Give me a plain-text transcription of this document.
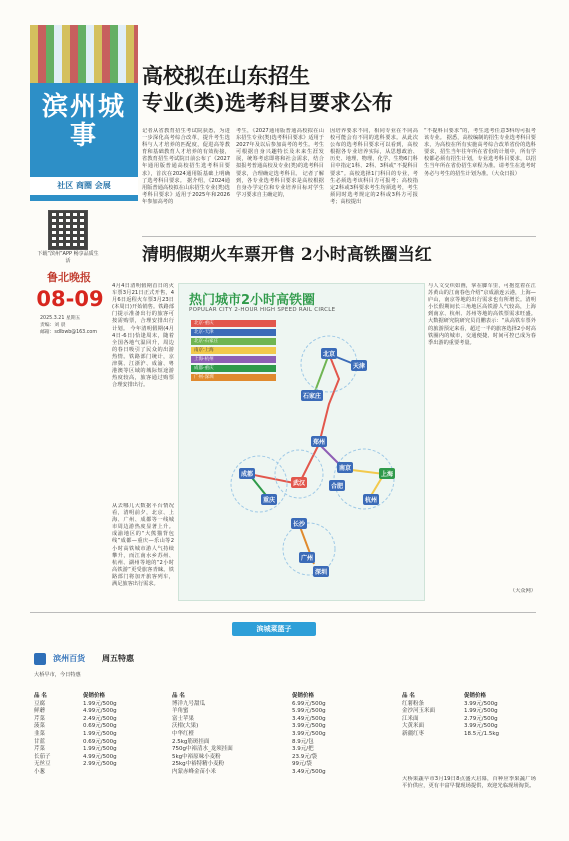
滨州城事
社区 商圈 会展
下载“滨州”APP 畅享品质生活
鲁北晚报
08-09
2025.3.21 星期五
责编：刘 晨
邮箱：sdlbwb@163.com
高校拟在山东招生
专业(类)选考科目要求公布
记者从省教育招生考试院获悉，为进一步深化高考综合改革，提升考生选科与人才培养的匹配度，促进高等教育和基础教育人才培养的有效衔接，省教育招生考试院日前公布了《2027年通用版普通高校招生选考科目要求》，首次在2024通用版基础上明确了选考科目要求。 据介绍，《2024通用版普通高校拟在山东招生专业(类)选考科目要求》适用于2025年和2026年参加高考的
考生，《2027通用版普通高校拟在山东招生专业(类)选考科目要求》适用于2027年及以后参加高考的考生。考生可根据自身兴趣特长及未来生涯发展，统筹考虑即将和社会需求，结合拟报考普通高校及专业(类)的选考科目要求，合理确定选考科目。 记者了解到，各专业选考科目要求是高校根据自身办学定位和专业培养目标对学生学习要求自主确定的，
因培养要求不同，相同专业在不同高校可能会有不同的选科要求。从此次公布的选考科目要求可以看到，高校根据各专业培养实际，从思想政治、历史、地理、物理、化学、生物6门科目中指定1科、2科、3科或“不提科目要求”。高校选择1门科目的专业，考生必须选考该科目方可报考；高校指定2科或3科要求考生均须选考，考生须同时选考规定的2科或3科方可报考；高校提出
“不提科目要求”的，考生选考任意3科均可报考该专业。 据悉，高校编制的招生专业选考科目要求，为高校在所有实施高考综合改革省份的选科要求，招生当年往年所在省份的计划中，所有学校都必须有招生计划，专业选考科目要求，以招生当年所在省份招生章程为准。请考生在选考时务必与考生的招生计划为准。（大众日报）
清明假期火车票开售 2小时高铁圈当红
4月4日清明假期首日的火车票3月21日正式开售，4月6日返程火车票3月23日(本周日)开始销售。铁路部门提示准备出行的旅客可按需购票，合理安排出行计划。 今年清明假期(4月4日-6日)恰逢周末，随着全国各地气温回升，周边的春日吸引了民众的出游热情。铁路部门统计，京津冀、江浙沪、成渝、粤港澳等区域的城际短途游热度较高，旅客通过购票合理安排出行。
从去哪儿大数据平台情况看，清明前夕，北京、上海、广州、成都等一线城市周边游热度显著上升。成渝地区的“大熊猫背包线”成都—重庆—乐山等2小时高铁城市游人气持续攀升，而江南水乡苏州、杭州、湖州等地的“2小时高铁游”更受旅客青睐。铁路部门将加开旅客列车，满足旅客出行需求。
与人文交织如画，掌在脚车里，可抱览着在江苏黄山的江南春色介绍”京成渝连云港，上海—庐山，南京等地的出行需求也有所增长。清明小长假期间长三角地区高铁游人气较高，上海到南京、杭州、苏州等地的高铁票需求旺盛。 大数据研究院研究员肖鹏表示：“从高铁车票外的旅游预定来看，超过一半的旅客选择2小时高铁圈内的城市，交通便捷、时间可控已成为春季出游的重要考量。
（大众网）
热门城市2小时高铁圈
POPULAR CITY 2-HOUR HIGH SPEED RAIL CIRCLE
北京-重庆
北京-天津
北京-石家庄
南京-上海
上海-杭州
成都-重庆
广州-深圳
北京
天津
石家庄
郑州
武汉
南京
上海
杭州
合肥
成都
重庆
长沙
广州
深圳
滨城菜篮子
滨州百货	周五特惠
大桥早市，今日特惠
品 名	促销价格
豆腐	1.99元/500g
鲜蘑	4.99元/500g
芹菜	2.49元/500g
菠菜	0.69元/500g
韭菜	1.99元/500g
甘蓝	0.69元/500g
芹菜	1.99元/500g
长茄子	4.99元/500g
无丝豆	2.99元/500g
小葱
品 名	促销价格
博洋九号甜瓜	6.99元/500g
羊角蜜	5.99元/500g
富士苹果	3.49元/500g
沃柑(大果)	3.99元/500g
中华红橙	3.99元/500g
2.5kg筋斑挂面	8.9元/包
750g中裕清水_龙须挂面	3.9元/把
5kg中裕原味小麦粉	23.9元/袋
25kg中裕特精小麦粉	99元/袋
内蒙赤峰金苗小米	3.49元/500g
品 名	促销价格
红薯粉条	3.99元/500g
金沙河玉米面	1.99元/500g
江米面	2.79元/500g
大黄米面	3.99元/500g
新疆红枣	18.5元/1.5kg
大桥果蔬早市3月19日8点盛大启幕，百种应季果蔬广场平价供应，更有丰富早餐现场提供，欢迎光临现场淘货。
